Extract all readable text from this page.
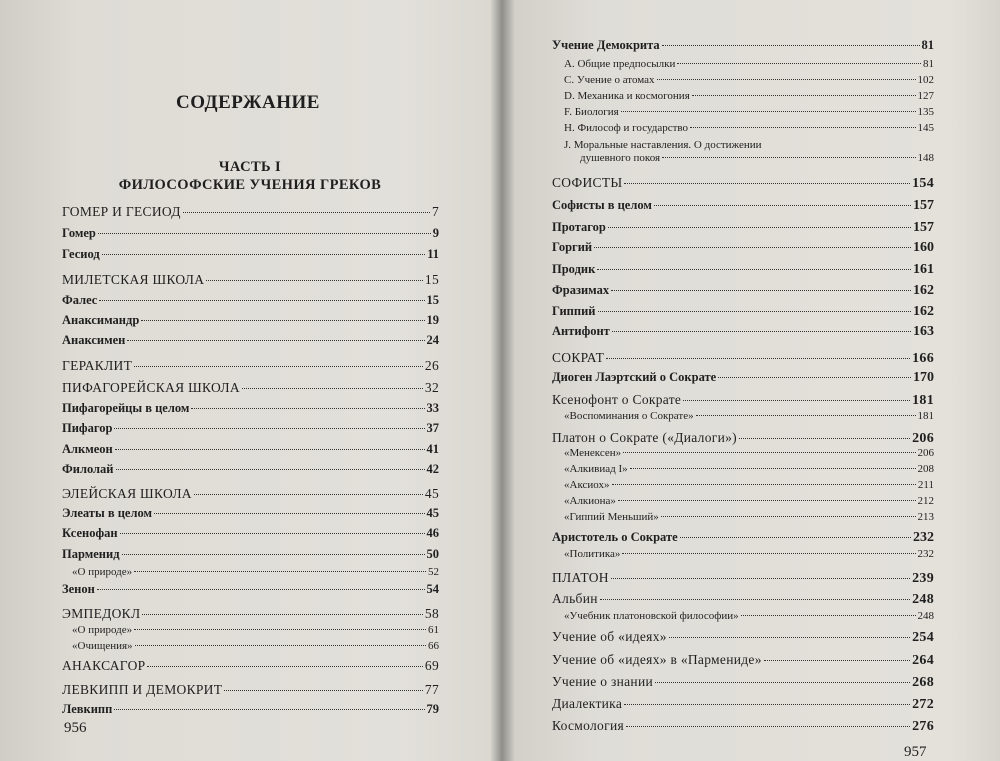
СОДЕРЖАНИЕ
ЧАСТЬ I
ФИЛОСОФСКИЕ УЧЕНИЯ ГРЕКОВ
ГОМЕР И ГЕСИОД	7
Гомер	9
Гесиод	11
МИЛЕТСКАЯ ШКОЛА	15
Фалес	15
Анаксимандр	19
Анаксимен	24
ГЕРАКЛИТ	26
ПИФАГОРЕЙСКАЯ ШКОЛА	32
Пифагорейцы в целом	33
Пифагор	37
Алкмеон	41
Филолай	42
ЭЛЕЙСКАЯ ШКОЛА	45
Элеаты в целом	45
Ксенофан	46
Парменид	50
«О природе»	52
Зенон	54
ЭМПЕДОКЛ	58
«О природе»	61
«Очищения»	66
АНАКСАГОР	69
ЛЕВКИПП И ДЕМОКРИТ	77
Левкипп	79
956
Учение Демокрита	81
A. Общие предпосылки	81
C. Учение о атомах	102
D. Механика и космогония	127
F. Биология	135
H. Философ и государство	145
J. Моральные наставления. О достижении
душевного покоя	148
СОФИСТЫ	154
Софисты в целом	157
Протагор	157
Горгий	160
Продик	161
Фразимах	162
Гиппий	162
Антифонт	163
СОКРАТ	166
Диоген Лаэртский о Сократе	170
Ксенофонт о Сократе	181
«Воспоминания о Сократе»	181
Платон о Сократе («Диалоги»)	206
«Менексен»	206
«Алкивиад I»	208
«Аксиох»	211
«Алкиона»	212
«Гиппий Меньший»	213
Аристотель о Сократе	232
«Политика»	232
ПЛАТОН	239
Альбин	248
«Учебник платоновской философии»	248
Учение об «идеях»	254
Учение об «идеях» в «Пармениде»	264
Учение о знании	268
Диалектика	272
Космология	276
957
